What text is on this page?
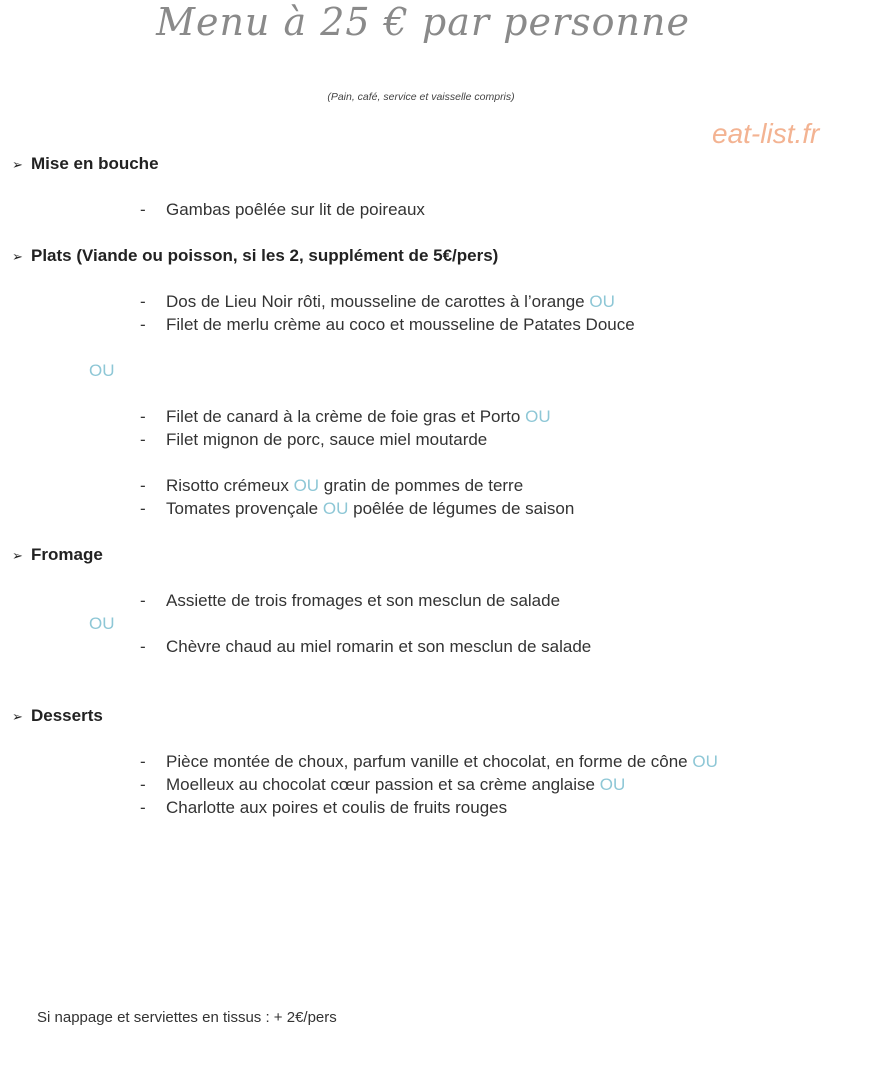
Menu à 25 € par personne
(Pain, café, service et vaisselle compris)
eat-list.fr
➢ Mise en bouche
- Gambas poêlée sur lit de poireaux
➢ Plats (Viande ou poisson, si les 2, supplément de 5€/pers)
- Dos de Lieu Noir rôti, mousseline de carottes à l’orange OU
- Filet de merlu crème au coco et mousseline de Patates Douce
OU
- Filet de canard à la crème de foie gras et Porto OU
- Filet mignon de porc, sauce miel moutarde
- Risotto crémeux OU gratin de pommes de terre
- Tomates provençale OU poêlée de légumes de saison
➢ Fromage
- Assiette de trois fromages et son mesclun de salade
OU
- Chèvre chaud au miel romarin et son mesclun de salade
➢ Desserts
- Pièce montée de choux, parfum vanille et chocolat, en forme de cône OU
- Moelleux au chocolat cœur passion et sa crème anglaise OU
- Charlotte aux poires et coulis de fruits rouges
Si nappage et serviettes en tissus : + 2€/pers
